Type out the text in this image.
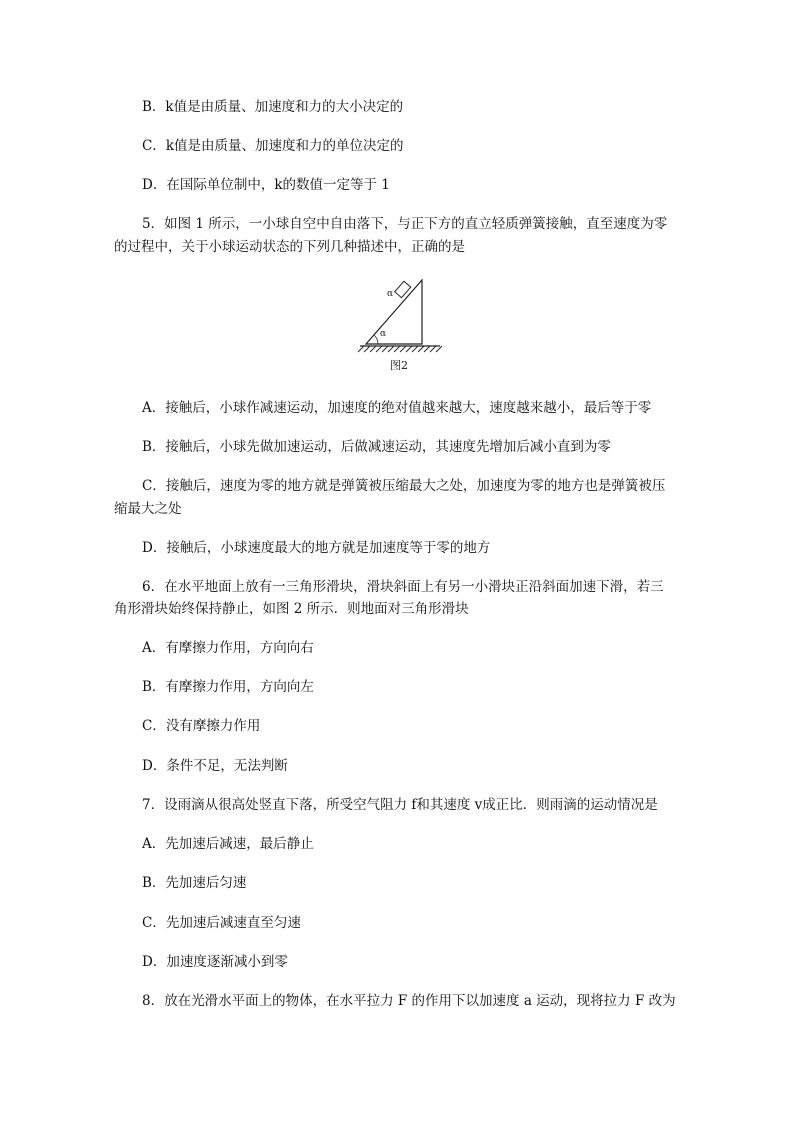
B．k值是由质量、加速度和力的大小决定的
C．k值是由质量、加速度和力的单位决定的
D．在国际单位制中，k的数值一定等于 1
5．如图 1 所示，一小球自空中自由落下，与正下方的直立轻质弹簧接触，直至速度为零
的过程中，关于小球运动状态的下列几种描述中，正确的是
α
α
图2
A．接触后，小球作减速运动，加速度的绝对值越来越大，速度越来越小，最后等于零
B．接触后，小球先做加速运动，后做减速运动，其速度先增加后减小直到为零
C．接触后，速度为零的地方就是弹簧被压缩最大之处，加速度为零的地方也是弹簧被压
缩最大之处
D．接触后，小球速度最大的地方就是加速度等于零的地方
6．在水平地面上放有一三角形滑块，滑块斜面上有另一小滑块正沿斜面加速下滑，若三
角形滑块始终保持静止，如图 2 所示．则地面对三角形滑块
A．有摩擦力作用，方向向右
B．有摩擦力作用，方向向左
C．没有摩擦力作用
D．条件不足，无法判断
7．设雨滴从很高处竖直下落，所受空气阻力 f和其速度 v成正比．则雨滴的运动情况是
A．先加速后减速，最后静止
B．先加速后匀速
C．先加速后减速直至匀速
D．加速度逐渐减小到零
8．放在光滑水平面上的物体，在水平拉力 F 的作用下以加速度 a 运动，现将拉力 F 改为
